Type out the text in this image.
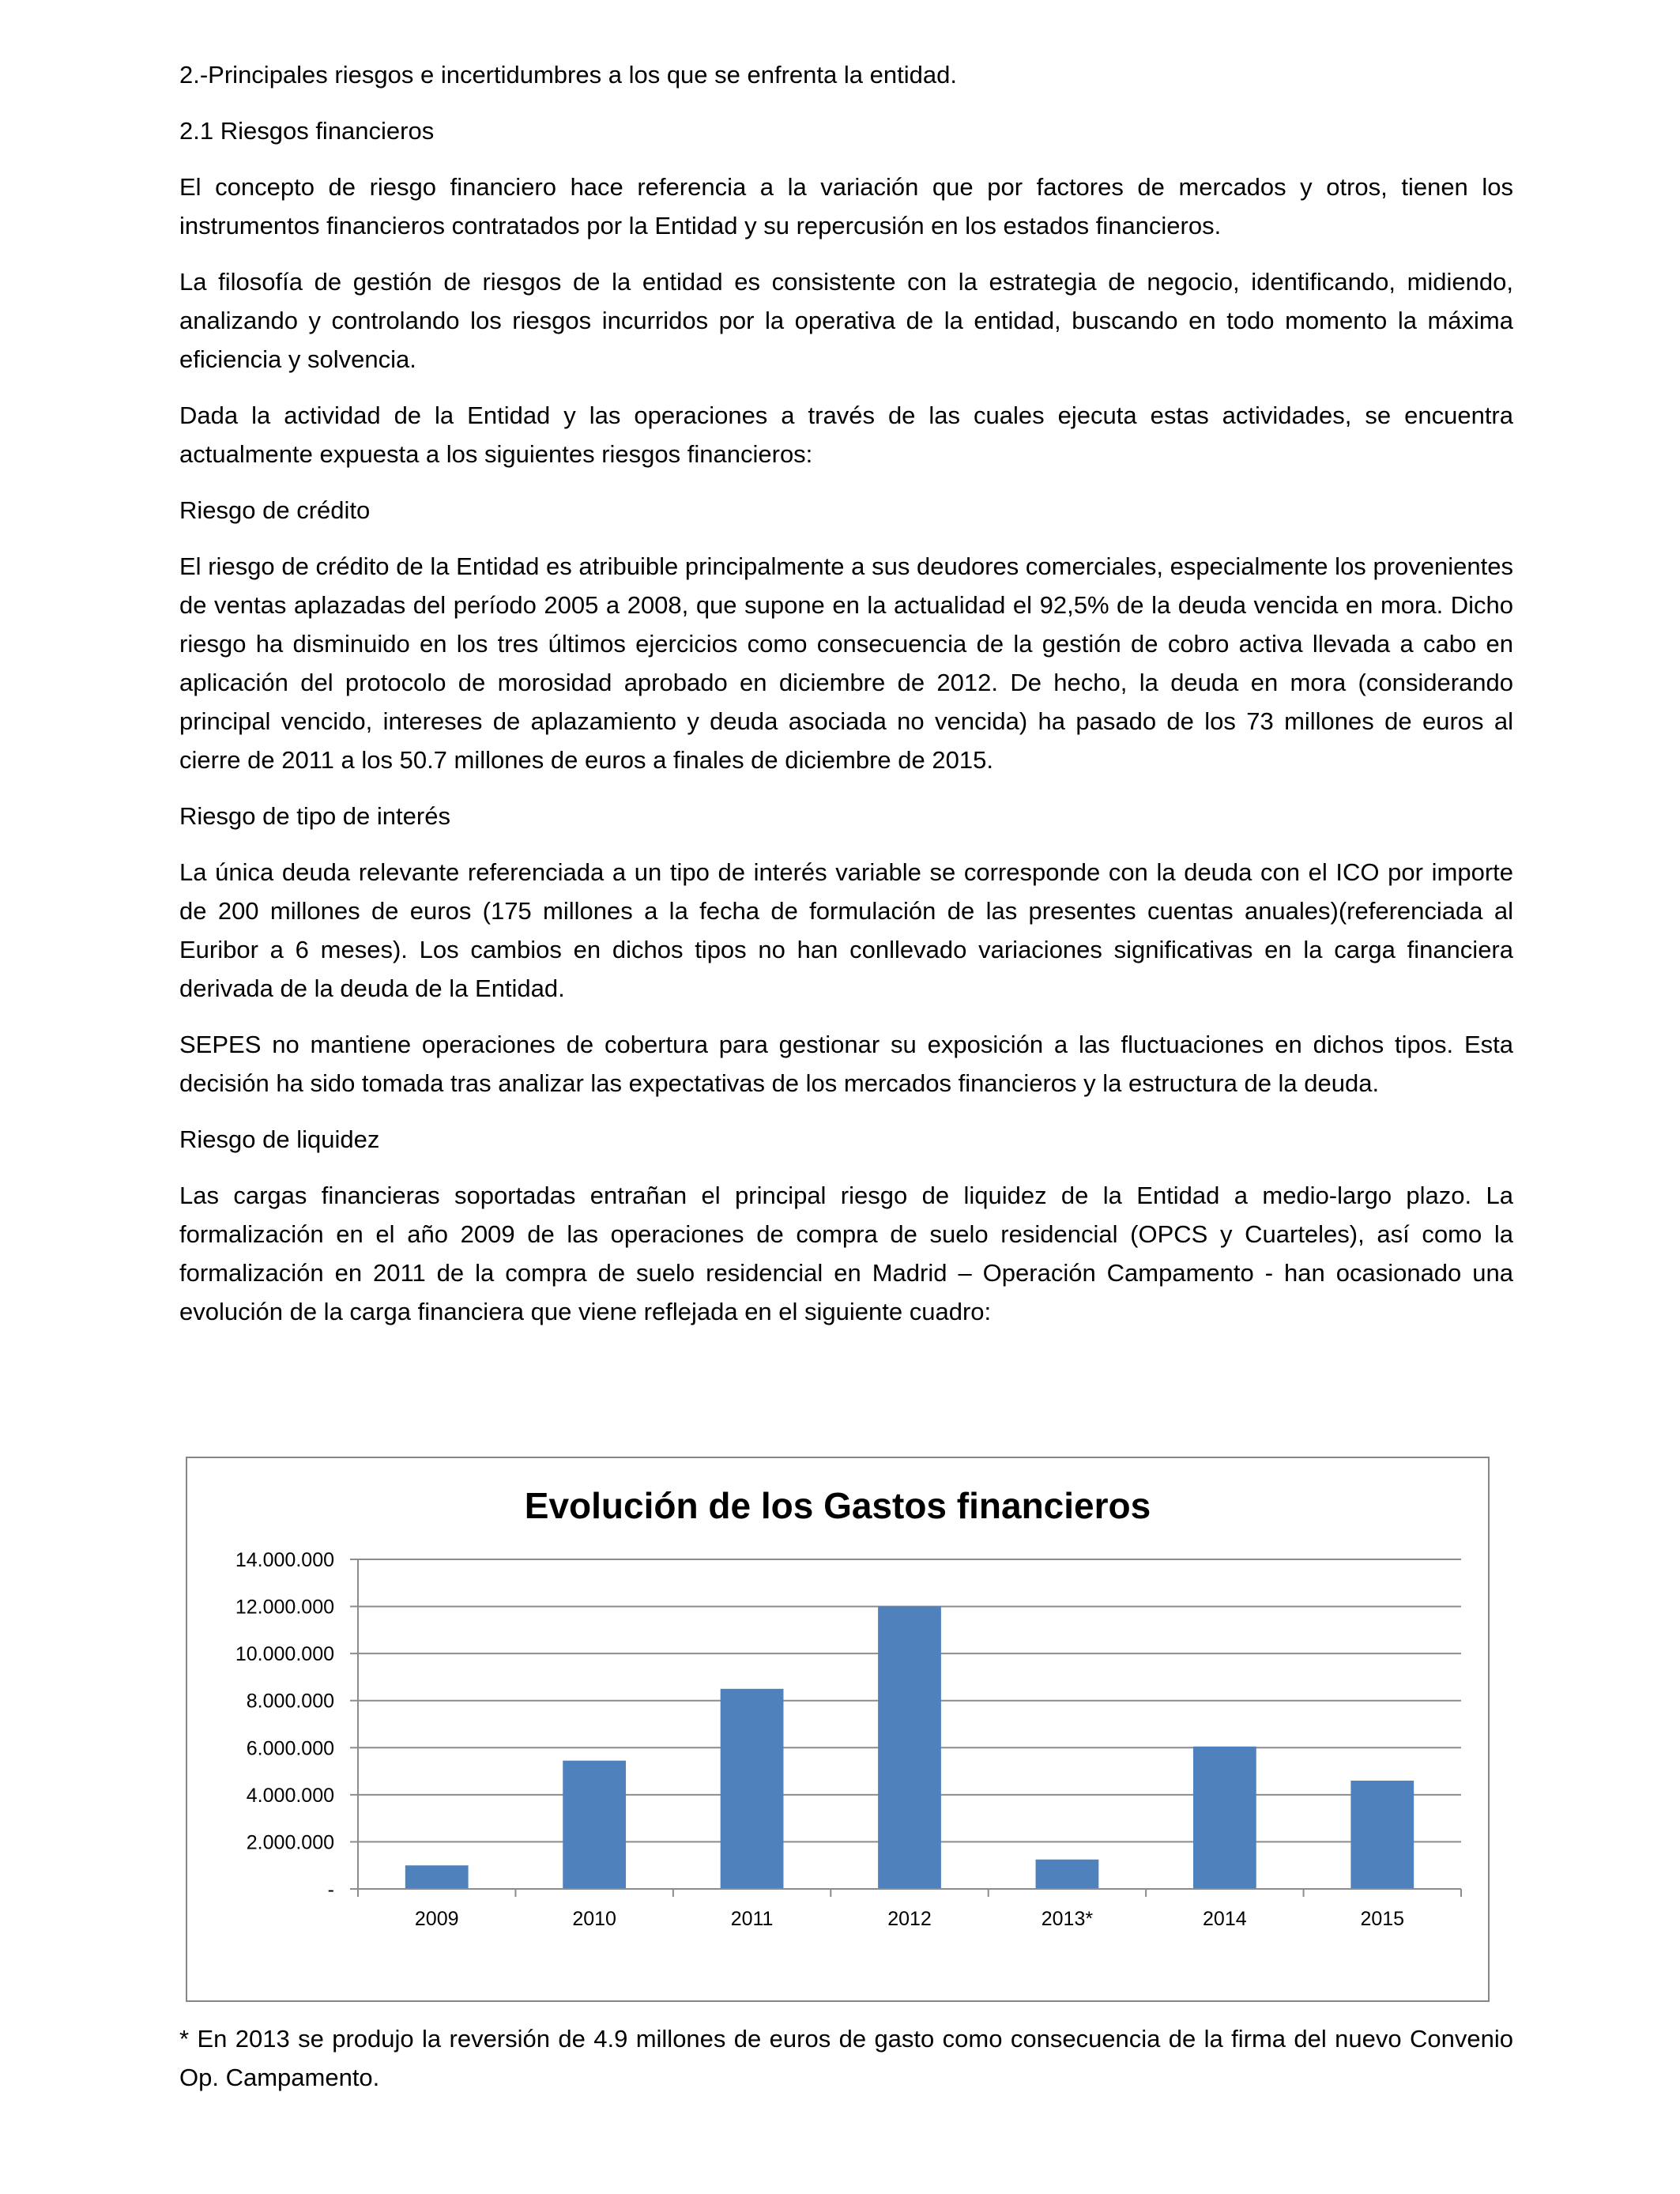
2.-Principales riesgos e incertidumbres a los que se enfrenta la entidad.

2.1 Riesgos financieros

El concepto de riesgo financiero hace referencia a la variación que por factores de mercados y otros, tienen los instrumentos financieros contratados por la Entidad y su repercusión en los estados financieros.

La filosofía de gestión de riesgos de la entidad es consistente con la estrategia de negocio, identificando, midiendo, analizando y controlando los riesgos incurridos por la operativa de la entidad, buscando en todo momento la máxima eficiencia y solvencia.

Dada la actividad de la Entidad y las operaciones a través de las cuales ejecuta estas actividades, se encuentra actualmente expuesta a los siguientes riesgos financieros:

Riesgo de crédito

El riesgo de crédito de la Entidad es atribuible principalmente a sus deudores comerciales, especialmente los provenientes de ventas aplazadas del período 2005 a 2008, que supone en la actualidad el 92,5% de la deuda vencida en mora. Dicho riesgo ha disminuido en los tres últimos ejercicios como consecuencia de la gestión de cobro activa llevada a cabo en aplicación del protocolo de morosidad aprobado en diciembre de 2012. De hecho, la deuda en mora (considerando principal vencido, intereses de aplazamiento y deuda asociada no vencida) ha pasado de los 73 millones de euros al cierre de 2011 a los 50.7 millones de euros a finales de diciembre de 2015.

Riesgo de tipo de interés

La única deuda relevante referenciada a un tipo de interés variable se corresponde con la deuda con el ICO por importe de 200 millones de euros (175 millones a la fecha de formulación de las presentes cuentas anuales)(referenciada al Euribor a 6 meses). Los cambios en dichos tipos no han conllevado variaciones significativas en la carga financiera derivada de la deuda de la Entidad.

SEPES no mantiene operaciones de cobertura para gestionar su exposición a las fluctuaciones en dichos tipos. Esta decisión ha sido tomada tras analizar las expectativas de los mercados financieros y la estructura de la deuda.

Riesgo de liquidez

Las cargas financieras soportadas entrañan el principal riesgo de liquidez de la Entidad a medio-largo plazo. La formalización en el año 2009 de las operaciones de compra de suelo residencial (OPCS y Cuarteles), así como la formalización en 2011 de la compra de suelo residencial en Madrid – Operación Campamento - han ocasionado una evolución de la carga financiera que viene reflejada en el siguiente cuadro:

Evolución de los Gastos financieros
-
2.000.000
4.000.000
6.000.000
8.000.000
10.000.000
12.000.000
14.000.000
2009	2010	2011	2012	2013*	2014	2015
* En 2013 se produjo la reversión de 4.9 millones de euros de gasto como consecuencia de la firma del nuevo Convenio Op. Campamento.
